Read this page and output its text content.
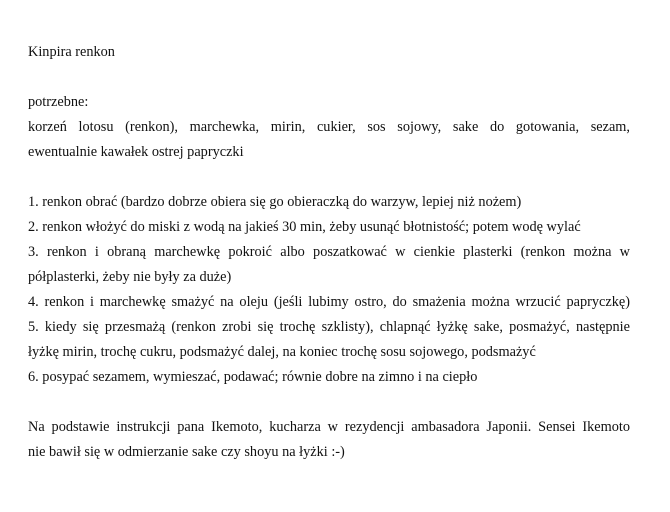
Kinpira renkon
potrzebne:
korzeń lotosu (renkon), marchewka, mirin, cukier, sos sojowy, sake do gotowania, sezam,
ewentualnie kawałek ostrej papryczki
1. renkon obrać (bardzo dobrze obiera się go obieraczką do warzyw, lepiej niż nożem)
2. renkon włożyć do miski z wodą na jakieś 30 min, żeby usunąć błotnistość; potem wodę wylać
3. renkon i obraną marchewkę pokroić albo poszatkować w cienkie plasterki (renkon można w
półplasterki, żeby nie były za duże)
4. renkon i marchewkę smażyć na oleju (jeśli lubimy ostro, do smażenia można wrzucić papryczkę)
5. kiedy się przesmażą (renkon zrobi się trochę szklisty), chlapnąć łyżkę sake, posmażyć, następnie
łyżkę mirin, trochę cukru, podsmażyć dalej, na koniec trochę sosu sojowego, podsmażyć
6. posypać sezamem, wymieszać, podawać; równie dobre na zimno i na ciepło
Na podstawie instrukcji pana Ikemoto, kucharza w rezydencji ambasadora Japonii. Sensei Ikemoto
nie bawił się w odmierzanie sake czy shoyu na łyżki :-)
